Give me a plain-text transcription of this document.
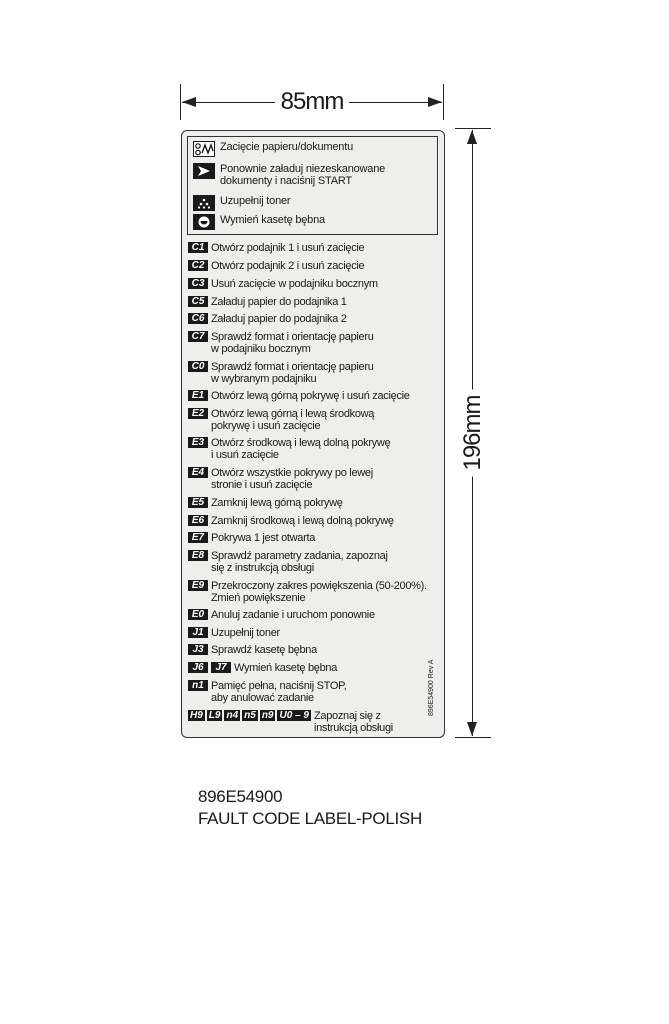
85mm
196mm
Zacięcie papieru/dokumentu
Ponownie załaduj niezeskanowane
dokumenty i naciśnij START
Uzupełnij toner
Wymień kasetę bębna
C1 Otwórz podajnik 1 i usuń zacięcie
C2 Otwórz podajnik 2 i usuń zacięcie
C3 Usuń zacięcie w podajniku bocznym
C5 Załaduj papier do podajnika 1
C6 Załaduj papier do podajnika 2
C7 Sprawdź format i orientację papieru
w podajniku bocznym
C0 Sprawdź format i orientację papieru
w wybranym podajniku
E1 Otwórz lewą górną pokrywę i usuń zacięcie
E2 Otwórz lewą górną i lewą środkową
pokrywę i usuń zacięcie
E3 Otwórz środkową i lewą dolną pokrywę
i usuń zacięcie
E4 Otwórz wszystkie pokrywy po lewej
stronie i usuń zacięcie
E5 Zamknij lewą górną pokrywę
E6 Zamknij środkową i lewą dolną pokrywę
E7 Pokrywa 1 jest otwarta
E8 Sprawdź parametry zadania, zapoznaj
się z instrukcją obsługi
E9 Przekroczony zakres powiększenia (50-200%).
Zmień powiększenie
E0 Anuluj zadanie i uruchom ponownie
J1 Uzupełnij toner
J3 Sprawdź kasetę bębna
J6	J7 Wymień kasetę bębna
n1 Pamięć pełna, naciśnij STOP,
aby anulować zadanie
H9 L9 n4 n5 n9 U0 – 9 Zapoznaj się z
instrukcją obsługi
896E54900 Rev A
896E54900
FAULT CODE LABEL-POLISH
